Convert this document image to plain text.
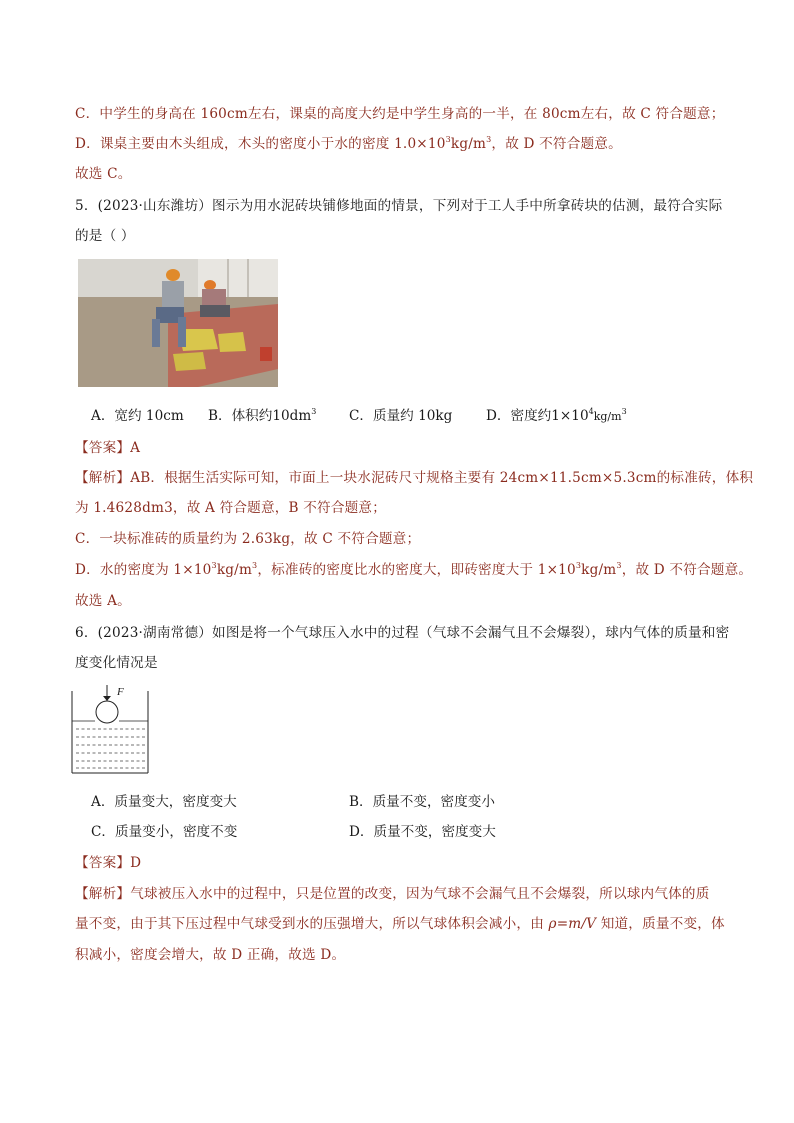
C．中学生的身高在 160cm左右，课桌的高度大约是中学生身高的一半，在 80cm左右，故 C 符合题意；
D．课桌主要由木头组成，木头的密度小于水的密度 $1.0\times 10^3kg/m^3$，故 D 不符合题意。
故选 C。
5．(2023·山东潍坊）图示为用水泥砖块铺修地面的情景，下列对于工人手中所拿砖块的估测，最符合实际
的是（ ）
A．宽约 10cm B．体积约$10dm^3$ C．质量约 10kg D．密度约$1\times 10^4kg/m^3$
【答案】A
【解析】AB．根据生活实际可知，市面上一块水泥砖尺寸规格主要有 24cm×11.5cm×5.3cm的标准砖，体积
为 1.4628dm3，故 A 符合题意，B 不符合题意；
C．一块标准砖的质量约为 2.63kg，故 C 不符合题意；
D．水的密度为 $1\times 10^3kg/m^3$，标准砖的密度比水的密度大，即砖密度大于 $1\times 10^3kg/m^3$，故 D 不符合题意。
故选 A。
6．(2023·湖南常德）如图是将一个气球压入水中的过程（气球不会漏气且不会爆裂），球内气体的质量和密
度变化情况是
F
A．质量变大，密度变大	B．质量不变，密度变小
C．质量变小，密度不变	D．质量不变，密度变大
【答案】D
【解析】气球被压入水中的过程中，只是位置的改变，因为气球不会漏气且不会爆裂，所以球内气体的质
量不变，由于其下压过程中气球受到水的压强增大，所以气球体积会减小，由 ρ=m/V 知道，质量不变，体
积减小，密度会增大，故 D 正确，故选 D。
